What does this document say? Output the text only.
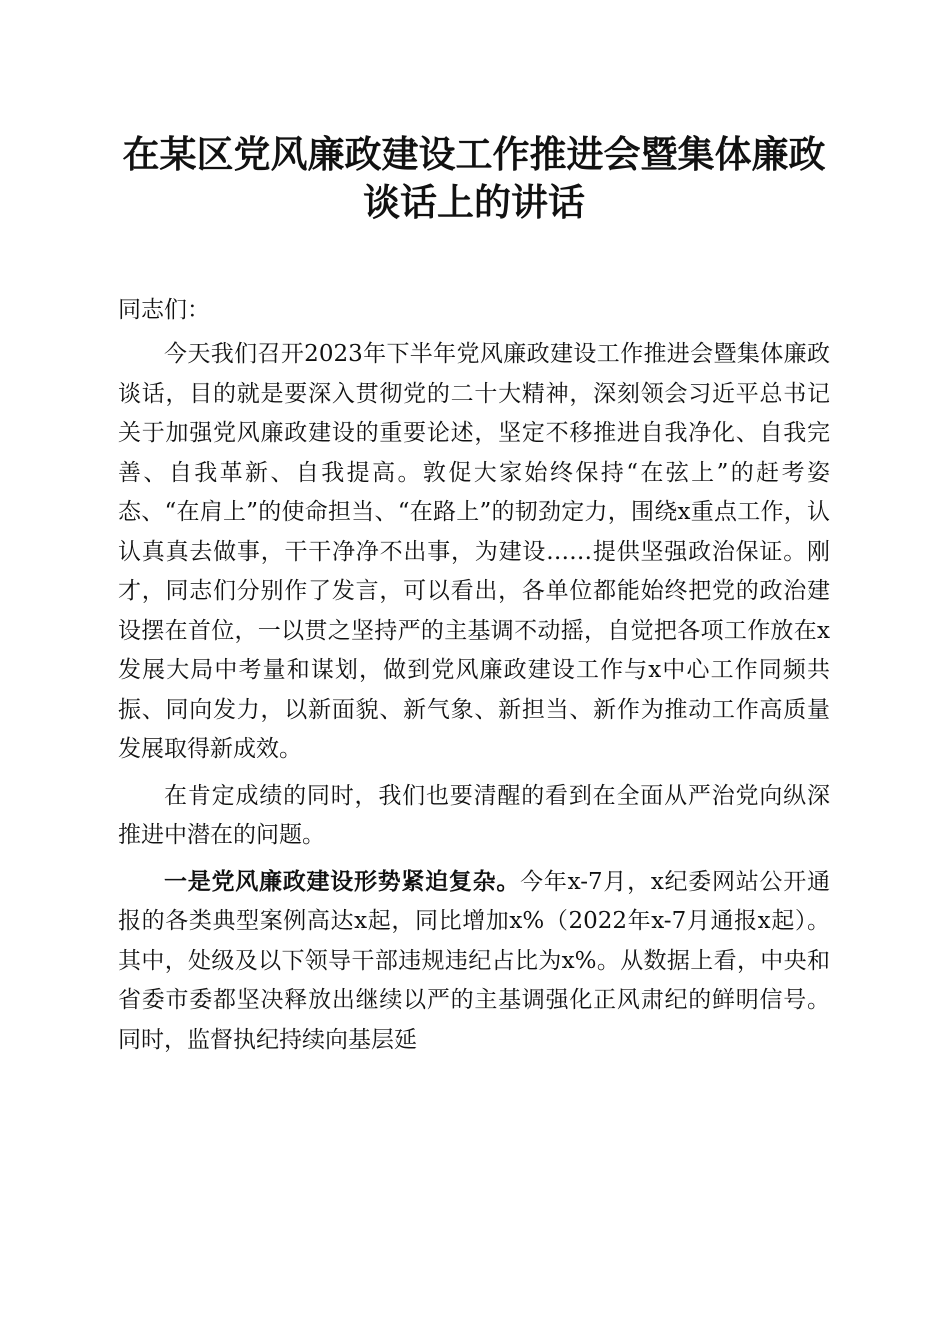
在某区党风廉政建设工作推进会暨集体廉政谈话上的讲话
同志们：

今天我们召开2023年下半年党风廉政建设工作推进会暨集体廉政谈话，目的就是要深入贯彻党的二十大精神，深刻领会习近平总书记关于加强党风廉政建设的重要论述，坚定不移推进自我净化、自我完善、自我革新、自我提高。敦促大家始终保持“在弦上”的赶考姿态、“在肩上”的使命担当、“在路上”的韧劲定力，围绕x重点工作，认认真真去做事，干干净净不出事，为建设……提供坚强政治保证。刚才，同志们分别作了发言，可以看出，各单位都能始终把党的政治建设摆在首位，一以贯之坚持严的主基调不动摇，自觉把各项工作放在x发展大局中考量和谋划，做到党风廉政建设工作与x中心工作同频共振、同向发力，以新面貌、新气象、新担当、新作为推动工作高质量发展取得新成效。

在肯定成绩的同时，我们也要清醒的看到在全面从严治党向纵深推进中潜在的问题。

一是党风廉政建设形势紧迫复杂。今年x-7月，x纪委网站公开通报的各类典型案例高达x起，同比增加x%（2022年x-7月通报x起）。其中，处级及以下领导干部违规违纪占比为x%。从数据上看，中央和省委市委都坚决释放出继续以严的主基调强化正风肃纪的鲜明信号。同时，监督执纪持续向基层延
